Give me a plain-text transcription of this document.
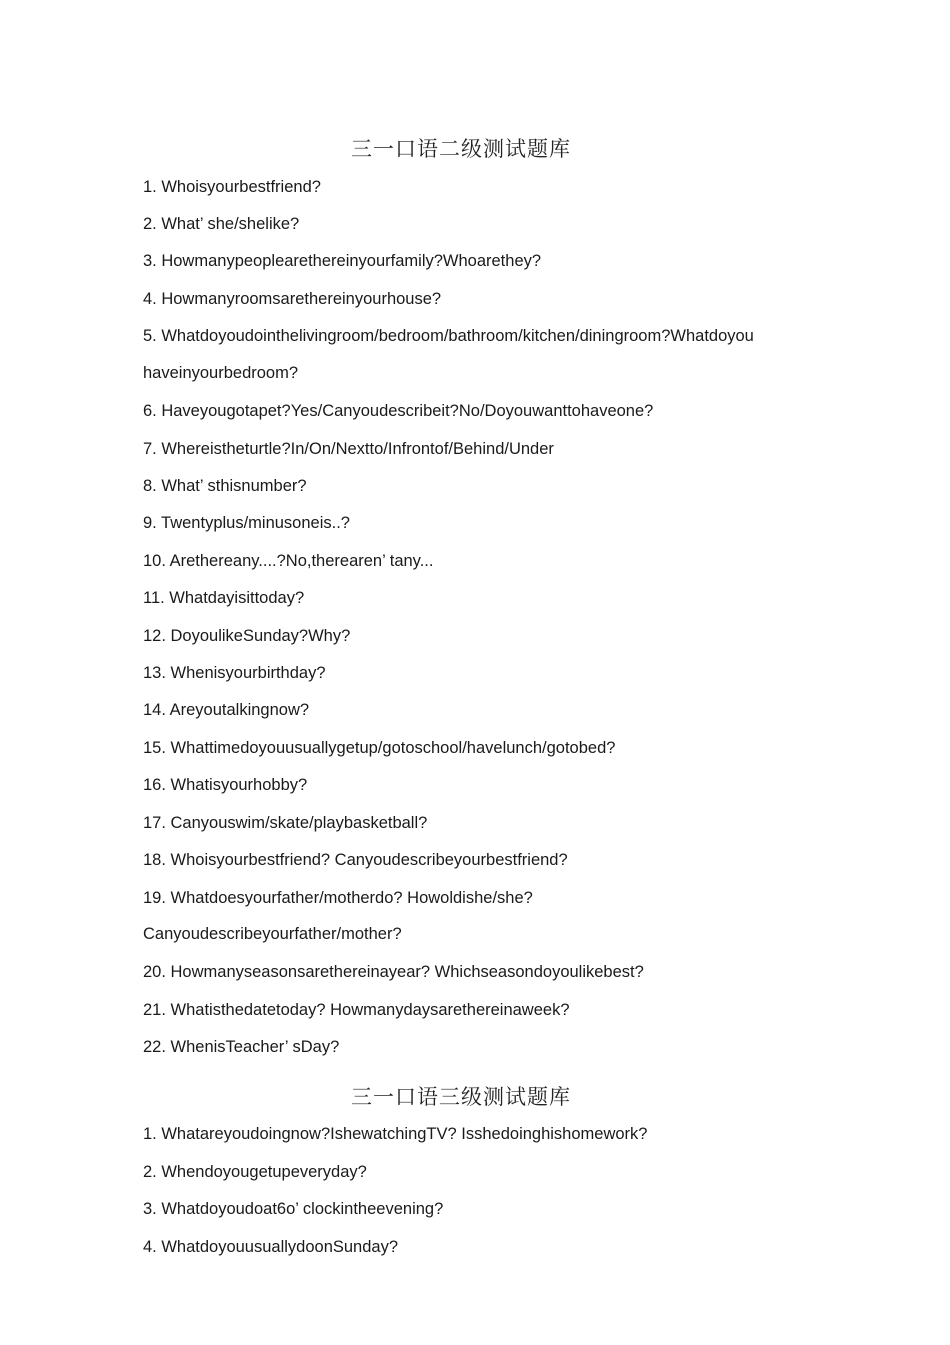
三一口语二级测试题库
1. Whoisyourbestfriend?
2. What’ she/shelike?
3. Howmanypeoplearethereinyourfamily?Whoarethey?
4. Howmanyroomsarethereinyourhouse?
5. Whatdoyoudointhelivingroom/bedroom/bathroom/kitchen/diningroom?Whatdoyou
haveinyourbedroom?
6. Haveyougotapet?Yes/Canyoudescribeit?No/Doyouwanttohaveone?
7. Whereistheturtle?In/On/Nextto/Infrontof/Behind/Under
8. What’ sthisnumber?
9. Twentyplus/minusoneis..?
10. Arethereany....?No,therearen’ tany...
11. Whatdayisittoday?
12. DoyoulikeSunday?Why?
13. Whenisyourbirthday?
14. Areyoutalkingnow?
15. Whattimedoyouusuallygetup/gotoschool/havelunch/gotobed?
16. Whatisyourhobby?
17. Canyouswim/skate/playbasketball?
18. Whoisyourbestfriend? Canyoudescribeyourbestfriend?
19. Whatdoesyourfather/motherdo? Howoldishe/she?
Canyoudescribeyourfather/mother?
20. Howmanyseasonsarethereinayear? Whichseasondoyoulikebest?
21. Whatisthedatetoday? Howmanydaysarethereinaweek?
22. WhenisTeacher’ sDay?
三一口语三级测试题库
1. Whatareyoudoingnow?IshewatchingTV? Isshedoinghishomework?
2. Whendoyougetupeveryday?
3. Whatdoyoudoat6o’ clockintheevening?
4. WhatdoyouusuallydoonSunday?
